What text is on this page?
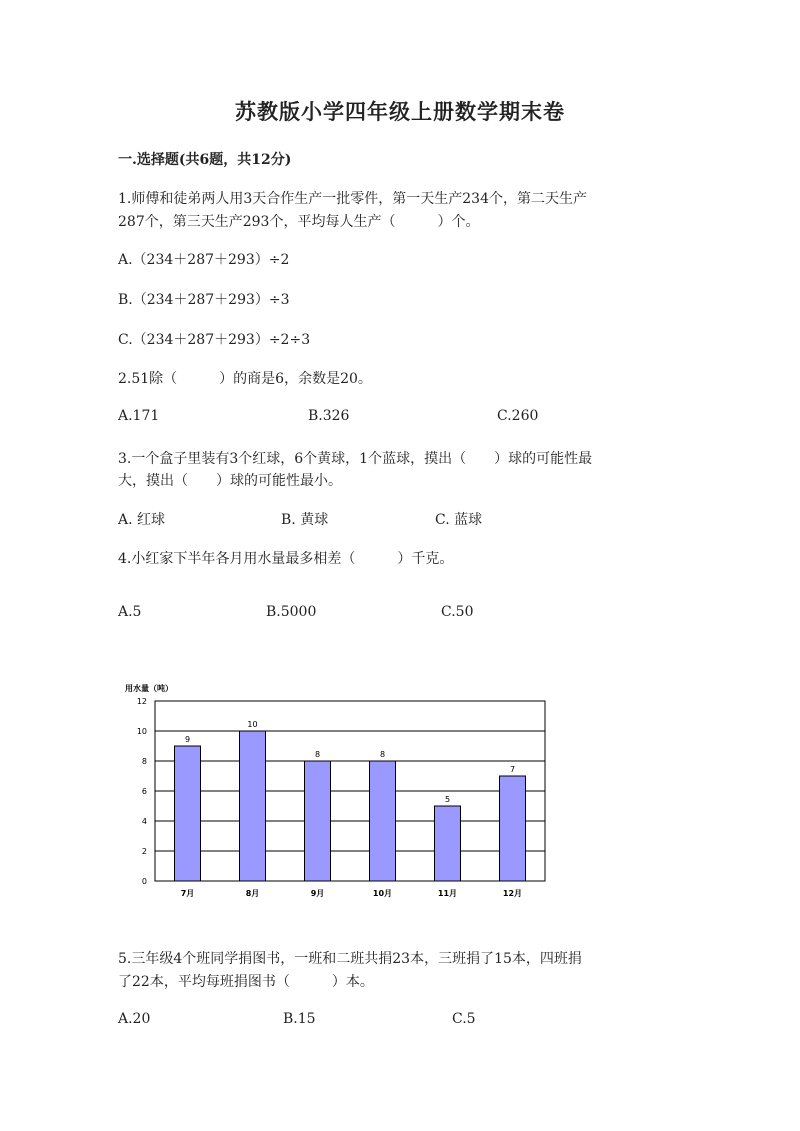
苏教版小学四年级上册数学期末卷
一.选择题(共6题，共12分)
1.师傅和徒弟两人用3天合作生产一批零件，第一天生产234个，第二天生产
287个，第三天生产293个，平均每人生产（　　　）个。
A.（234＋287＋293）÷2
B.（234＋287＋293）÷3
C.（234＋287＋293）÷2÷3
2.51除（　　　）的商是6，余数是20。
A.171	B.326	C.260
3.一个盒子里装有3个红球，6个黄球，1个蓝球，摸出（　　）球的可能性最
大，摸出（　　）球的可能性最小。
A. 红球	B. 黄球	C. 蓝球
4.小红家下半年各月用水量最多相差（　　　）千克。
A.5	B.5000	C.50
用水量（吨）
0
2
4
6
8
10
12
9
10
8	8
5
7
7月	8月	9月	10月	11月	12月
5.三年级4个班同学捐图书，一班和二班共捐23本，三班捐了15本，四班捐
了22本，平均每班捐图书（　　　）本。
A.20	B.15	C.5
